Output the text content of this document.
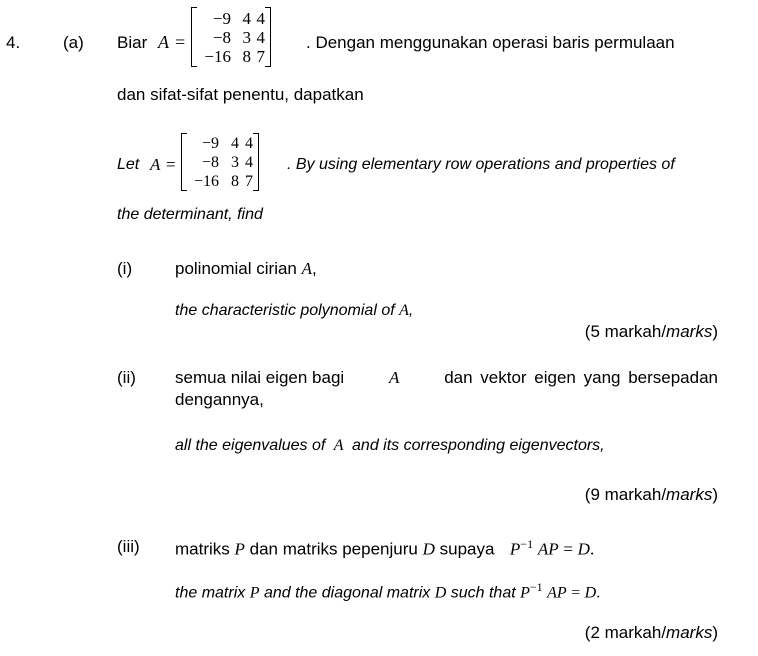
4.	(a) Biar A =
−9 4 4
−8 3 4
−16 8 7
. Dengan menggunakan operasi baris permulaan
dan sifat-sifat penentu, dapatkan
Let A =
−9 4 4
−8 3 4
−16 8 7
. By using elementary row operations and properties of
the determinant, find
(i)	polinomial cirian A,
the characteristic polynomial of A,
(5 markah/marks)
(ii) semua nilai eigen bagi	A	dan vektor eigen yang bersepadan
dengannya,
all the eigenvalues of A and its corresponding eigenvectors,
(9 markah/marks)
(iii) matriks P dan matriks pepenjuru D supaya $P^{-1}$ AP = D.
the matrix P and the diagonal matrix D such that $P^{-1}$ AP = D.
(2 markah/marks)
